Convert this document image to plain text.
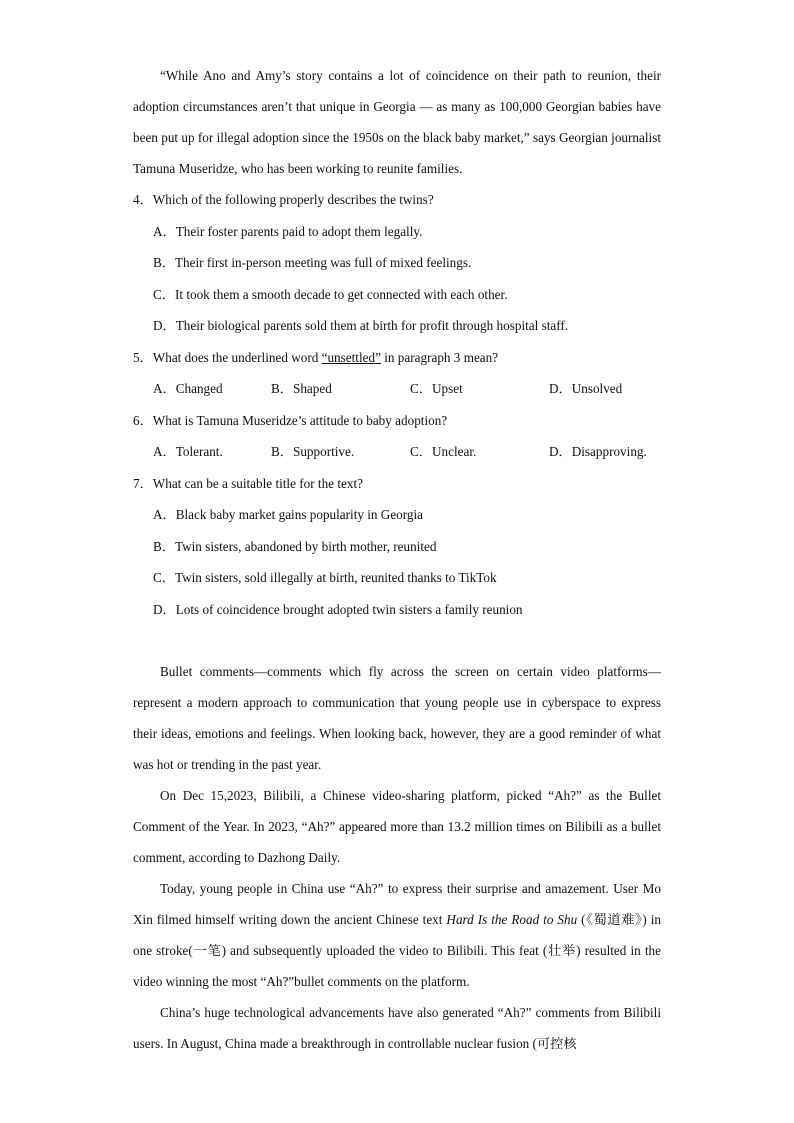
“While Ano and Amy’s story contains a lot of coincidence on their path to reunion, their adoption circumstances aren’t that unique in Georgia — as many as 100,000 Georgian babies have been put up for illegal adoption since the 1950s on the black baby market,” says Georgian journalist Tamuna Museridze, who has been working to reunite families.

4．Which of the following properly describes the twins?

A．Their foster parents paid to adopt them legally.

B．Their first in-person meeting was full of mixed feelings.

C．It took them a smooth decade to get connected with each other.

D．Their biological parents sold them at birth for profit through hospital staff.

5．What does the underlined word “unsettled” in paragraph 3 mean?

A．Changed	B．Shaped	C．Upset	D．Unsolved

6．What is Tamuna Museridze’s attitude to baby adoption?

A．Tolerant.	B．Supportive.	C．Unclear.	D．Disapproving.

7．What can be a suitable title for the text?

A．Black baby market gains popularity in Georgia

B．Twin sisters, abandoned by birth mother, reunited

C．Twin sisters, sold illegally at birth, reunited thanks to TikTok

D．Lots of coincidence brought adopted twin sisters a family reunion

Bullet comments—comments which fly across the screen on certain video platforms—represent a modern approach to communication that young people use in cyberspace to express their ideas, emotions and feelings. When looking back, however, they are a good reminder of what was hot or trending in the past year.

On Dec 15,2023, Bilibili, a Chinese video-sharing platform, picked “Ah?” as the Bullet Comment of the Year. In 2023, “Ah?” appeared more than 13.2 million times on Bilibili as a bullet comment, according to Dazhong Daily.

Today, young people in China use “Ah?” to express their surprise and amazement. User Mo Xin filmed himself writing down the ancient Chinese text Hard Is the Road to Shu (《蜀道难》) in one stroke(一笔) and subsequently uploaded the video to Bilibili. This feat (壮举) resulted in the video winning the most “Ah?”bullet comments on the platform.

China’s huge technological advancements have also generated “Ah?” comments from Bilibili users. In August, China made a breakthrough in controllable nuclear fusion (可控核
